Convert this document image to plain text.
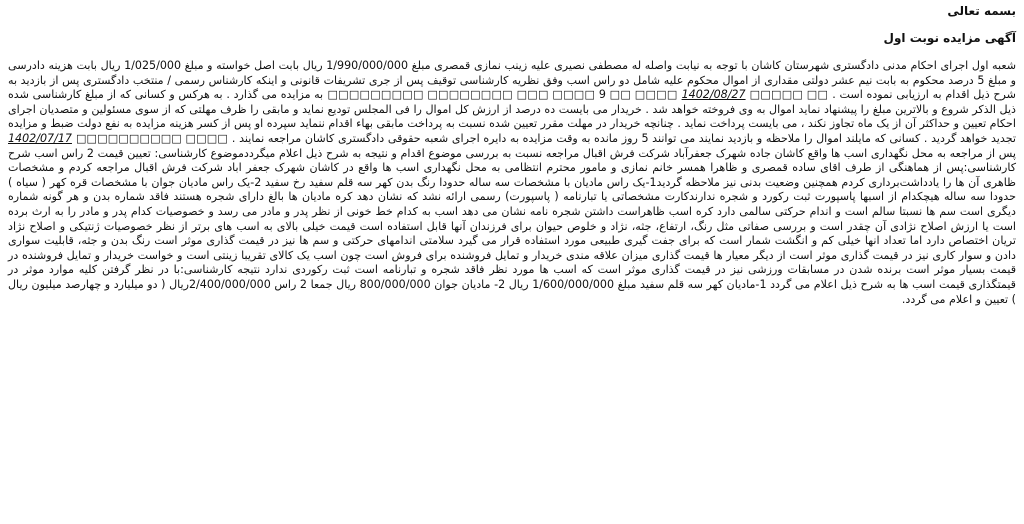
بسمه تعالی

آگهی مزایده نوبت اول

شعبه اول اجرای احکام مدنی دادگستری شهرستان کاشان با توجه به نیابت واصله له مصطفی نصیری علیه زینب نمازی قمصری مبلغ 1/990/000/000 ریال بابت اصل خواسته و مبلغ 1/025/000 ریال بابت هزینه دادرسی و مبلغ 5 درصد محکوم به بابت نیم عشر دولتی مقداری از اموال محکوم علیه شامل دو راس اسب وفق نظریه کارشناسی توقیف پس از جری تشریفات قانونی و اینکه کارشناس رسمی / منتخب دادگستری پس از بازدید به شرح ذیل اقدام به ارزیابی نموده است . □□ □□□□□ 1402/08/27 □□□□ □□ 9 □□□□ □□□ □□□□□□□□ □□□□□□□□□ به مزایده می گذارد . به هرکس و کسانی که از مبلغ کارشناسی شده ذیل الذکر شروع و بالاترین مبلغ را پیشنهاد نماید اموال به وی فروخته خواهد شد . خریدار می بایست ده درصد از ارزش کل اموال را فی المجلس تودیع نماید و مابقی را ظرف مهلتی که از سوی مسئولین و متصدیان اجرای احکام تعیین و حداکثر آن از یک ماه تجاوز نکند ، می بایست پرداخت نماید . چنانچه خریدار در مهلت مقرر تعیین شده نسبت به پرداخت مابقی بهاء اقدام ننماید سپرده او پس از کسر هزینه مزایده به نفع دولت ضبط و مزایده تجدید خواهد گردید . کسانی که مایلند اموال را ملاحظه و بازدید نمایند می توانند 5 روز مانده به وقت مزایده به دایره اجرای شعبه حقوقی دادگستری کاشان مراجعه نمایند . □□□□ □□□□□□□□□□ 1402/07/17 پس از مراجعه به محل نگهداری اسب ها واقع کاشان جاده شهرک جعفرآباد شرکت فرش اقبال مراجعه نسبت به بررسی موضوع اقدام و نتیجه به شرح ذیل اعلام میگرددموضوع کارشناسی: تعیین قیمت 2 راس اسب شرح کارشناسی:پس از هماهنگی از طرف اقای ساده قمصری و ظاهرا همسر خانم نمازی و مامور محترم انتظامی به محل نگهداری اسب ها واقع در کاشان شهرک جعفر اباد شرکت فرش اقبال مراجعه کردم و مشخصات ظاهری آن ها را یادداشت‌برداری کردم همچنین وضعیت بدنی نیز ملاحظه گردید1-یک راس مادیان با مشخصات سه ساله حدودا رنگ بدن کهر سه قلم سفید رخ سفید 2-یک راس مادیان جوان با مشخصات قره کهر ( سیاه ) حدودا سه ساله هیچکدام از اسبها پاسپورت ثبت رکورد و شجره ندارندکارت مشخصاتی یا تبارنامه ( پاسپورت) رسمی ارائه نشد که نشان دهد کره مادیان ها بالغ دارای شجره هستند فاقد شماره بدن و هر گونه شماره دیگری است سم ها نسبتا سالم است و اندام حرکتی سالمی دارد کره اسب ظاهراست داشتن شجره نامه نشان می دهد اسب به کدام خط خونی از نظر پدر و مادر می رسد و خصوصیات کدام پدر و مادر را به ارث برده است یا ارزش اصلاح نژادی آن چقدر است و بررسی صفاتی مثل رنگ، ارتفاع، جثه، نژاد و خلوص حیوان برای فرزندان آنها قابل استفاده است قیمت خیلی بالای به اسب های برتر از نظر خصوصیات ژنتیکی و اصلاح نژاد تریان اختصاص دارد اما تعداد انها خیلی کم و انگشت شمار است که برای جفت گیری طبیعی مورد استفاده قرار می گیرد سلامتی اندامهای حرکتی و سم ها نیز در قیمت گذاری موثر است رنگ بدن و جثه، قابلیت سواری دادن و سوار کاری نیز در قیمت گذاری موثر است از دیگر معیار ها قیمت گذاری میزان علاقه مندی خریدار و تمایل فروشنده برای فروش است چون اسب یک کالای تقریبا زینتی است و خواست خریدار و تمایل فروشنده در قیمت بسیار موثر است برنده شدن در مسابقات ورزشی نیز در قیمت گذاری موثر است که اسب ها مورد نظر فاقد شجره و تبارنامه است ثبت رکوردی ندارد نتیجه کارشناسی:با در نظر گرفتن کلیه موارد موثر در قیمتگذاری قیمت اسب ها به شرح ذیل اعلام می گردد 1-مادیان کهر سه قلم سفید مبلغ 1/600/000/000 ریال 2- مادیان جوان 800/000/000 ریال جمعا 2 راس 2/400/000/000ریال ( دو میلیارد و چهارصد میلیون ریال ) تعیین و اعلام می گردد.
